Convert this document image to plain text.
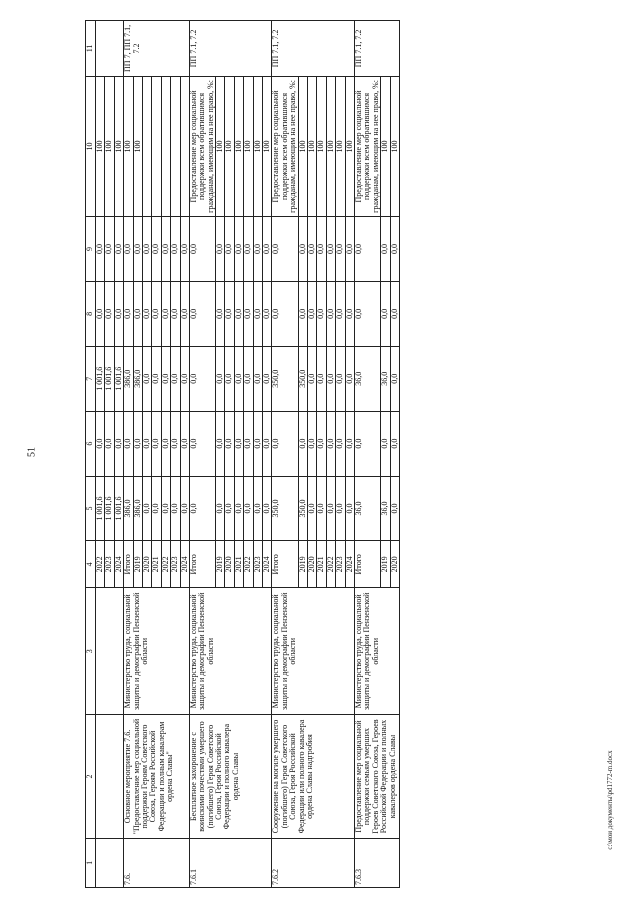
51
c:\мои документы\pd1772-m.docx
1	2	3	4	5	6	7	8	9	10	11
			2022	1 001,6	0,0	1 001,6	0,0	0,0	100	
			2023	1 001,6	0,0	1 001,6	0,0	0,0	100	
			2024	1 001,6	0,0	1 001,6	0,0	0,0	100	
7.6.	Основное мероприятие 7.6. "Предоставление мер социальной поддержки Героям Советского Союза, Героям Российской Федерации и полным кавалерам ордена Славы"	Министерство труда, социальной защиты и демографии Пензенской области	Итого	386,0	0,0	386,0	0,0	0,0	100	ПП 7, ПП 7.1, 7.2
			2019	386,0	0,0	386,0	0,0	0,0	100	
			2020	0,0	0,0	0,0	0,0	0,0		
			2021	0,0	0,0	0,0	0,0	0,0		
			2022	0,0	0,0	0,0	0,0	0,0		
			2023	0,0	0,0	0,0	0,0	0,0		
			2024	0,0	0,0	0,0	0,0	0,0		
7.6.1	Бесплатное захоронение с воинскими почестями умершего (погибшего) Героя Советского Союза, Героя Российской Федерации и полного кавалера ордена Славы	Министерство труда, социальной защиты и демографии Пензенской области	Итого	0,0	0,0	0,0	0,0	0,0	Предоставление мер социальной поддержки всем обратившимся гражданам, имеющим на нее право, %:	ПП 7.1, 7.2
			2019	0,0	0,0	0,0	0,0	0,0	100	
			2020	0,0	0,0	0,0	0,0	0,0	100	
			2021	0,0	0,0	0,0	0,0	0,0	100	
			2022	0,0	0,0	0,0	0,0	0,0	100	
			2023	0,0	0,0	0,0	0,0	0,0	100	
			2024	0,0	0,0	0,0	0,0	0,0	100	
7.6.2	Сооружение на могиле умершего (погибшего) Героя Советского Союза, Героя Российской Федерации или полного кавалера ордена Славы надгробия	Министерство труда, социальной защиты и демографии Пензенской области	Итого	350,0	0,0	350,0	0,0	0,0	Предоставление мер социальной поддержки всем обратившимся гражданам, имеющим на нее право, %:	ПП 7.1, 7.2
			2019	350,0	0,0	350,0	0,0	0,0	100	
			2020	0,0	0,0	0,0	0,0	0,0	100	
			2021	0,0	0,0	0,0	0,0	0,0	100	
			2022	0,0	0,0	0,0	0,0	0,0	100	
			2023	0,0	0,0	0,0	0,0	0,0	100	
			2024	0,0	0,0	0,0	0,0	0,0	100	
7.6.3	Предоставление мер социальной поддержки семьям умерших Героев Советского Союза, Героев Российской Федерации и полных кавалеров ордена Славы	Министерство труда, социальной защиты и демографии Пензенской области	Итого	36,0	0,0	36,0	0,0	0,0	Предоставление мер социальной поддержки всем обратившимся гражданам, имеющим на нее право, %:	ПП 7.1, 7.2
			2019	36,0	0,0	36,0	0,0	0,0	100	
			2020	0,0	0,0	0,0	0,0	0,0	100	
